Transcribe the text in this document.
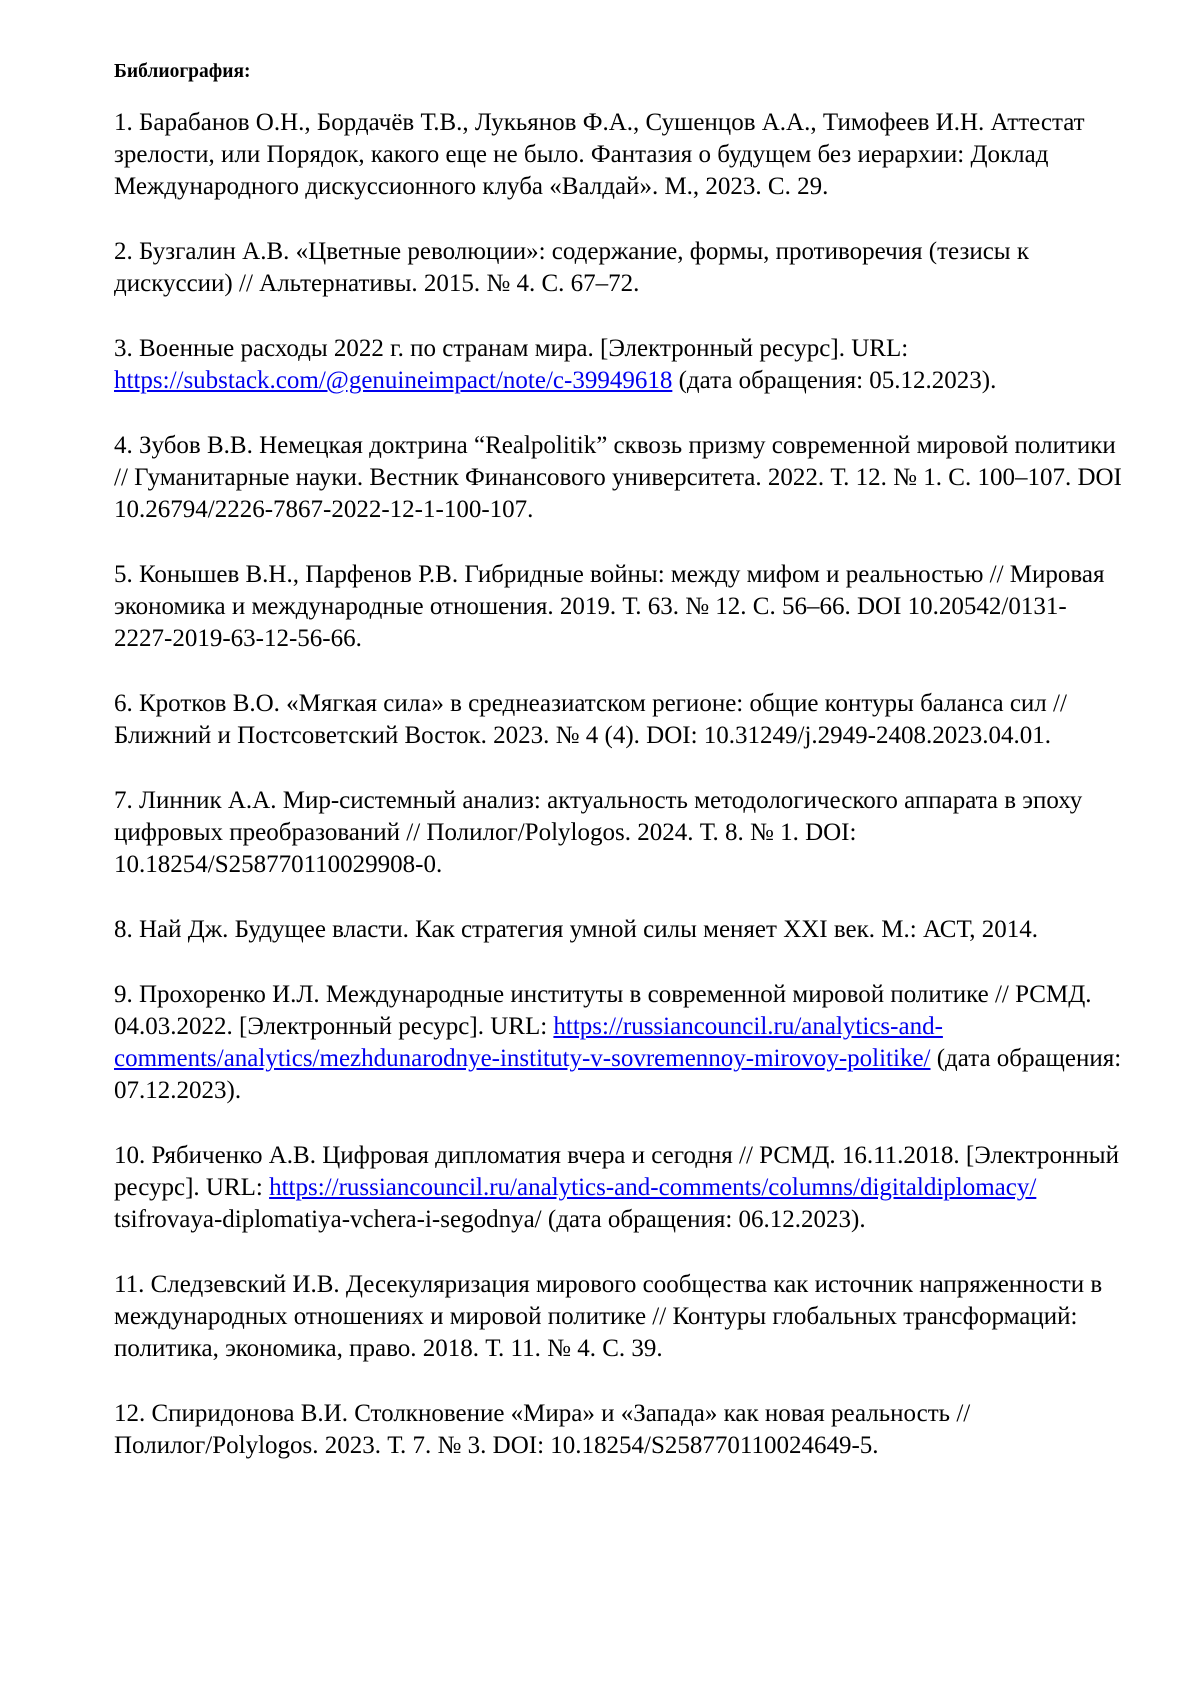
Библиография:
1. Барабанов О.Н., Бордачёв Т.В., Лукьянов Ф.А., Сушенцов А.А., Тимофеев И.Н. Аттестат зрелости, или Порядок, какого еще не было. Фантазия о будущем без иерархии: Доклад Международного дискуссионного клуба «Валдай». М., 2023. С. 29.
2. Бузгалин А.В. «Цветные революции»: содержание, формы, противоречия (тезисы к дискуссии) // Альтернативы. 2015. № 4. С. 67–72.
3. Военные расходы 2022 г. по странам мира. [Электронный ресурс]. URL:
https://substack.com/@genuineimpact/note/c-39949618 (дата обращения: 05.12.2023).
4. Зубов В.В. Немецкая доктрина “Realpolitik” сквозь призму современной мировой политики // Гуманитарные науки. Вестник Финансового университета. 2022. Т. 12. № 1. С. 100–107. DOI 10.26794/2226-7867-2022-12-1-100-107.
5. Конышев В.Н., Парфенов Р.В. Гибридные войны: между мифом и реальностью // Мировая экономика и международные отношения. 2019. Т. 63. № 12. С. 56–66. DOI 10.20542/0131-2227-2019-63-12-56-66.
6. Кротков В.О. «Мягкая сила» в среднеазиатском регионе: общие контуры баланса сил // Ближний и Постсоветский Восток. 2023. № 4 (4). DOI: 10.31249/j.2949-2408.2023.04.01.
7. Линник А.А. Мир-системный анализ: актуальность методологического аппарата в эпоху цифровых преобразований // Полилог/Polylogos. 2024. Т. 8. № 1. DOI: 10.18254/S258770110029908-0.
8. Най Дж. Будущее власти. Как стратегия умной силы меняет XXI век. М.: АСТ, 2014.
9. Прохоренко И.Л. Международные институты в современной мировой политике // РСМД. 04.03.2022. [Электронный ресурс]. URL: https://russiancouncil.ru/analytics-and-comments/analytics/mezhdunarodnye-instituty-v-sovremennoy-mirovoy-politike/ (дата обращения: 07.12.2023).
10. Рябиченко А.В. Цифровая дипломатия вчера и сегодня // РСМД. 16.11.2018. [Электронный ресурс]. URL: https://russiancouncil.ru/analytics-and-comments/columns/digitaldiplomacy/ tsifrovaya-diplomatiya-vchera-i-segodnya/ (дата обращения: 06.12.2023).
11. Следзевский И.В. Десекуляризация мирового сообщества как источник напряженности в международных отношениях и мировой политике // Контуры глобальных трансформаций: политика, экономика, право. 2018. Т. 11. № 4. С. 39.
12. Спиридонова В.И. Столкновение «Мира» и «Запада» как новая реальность // Полилог/Polylogos. 2023. Т. 7. № 3. DOI: 10.18254/S258770110024649-5.
